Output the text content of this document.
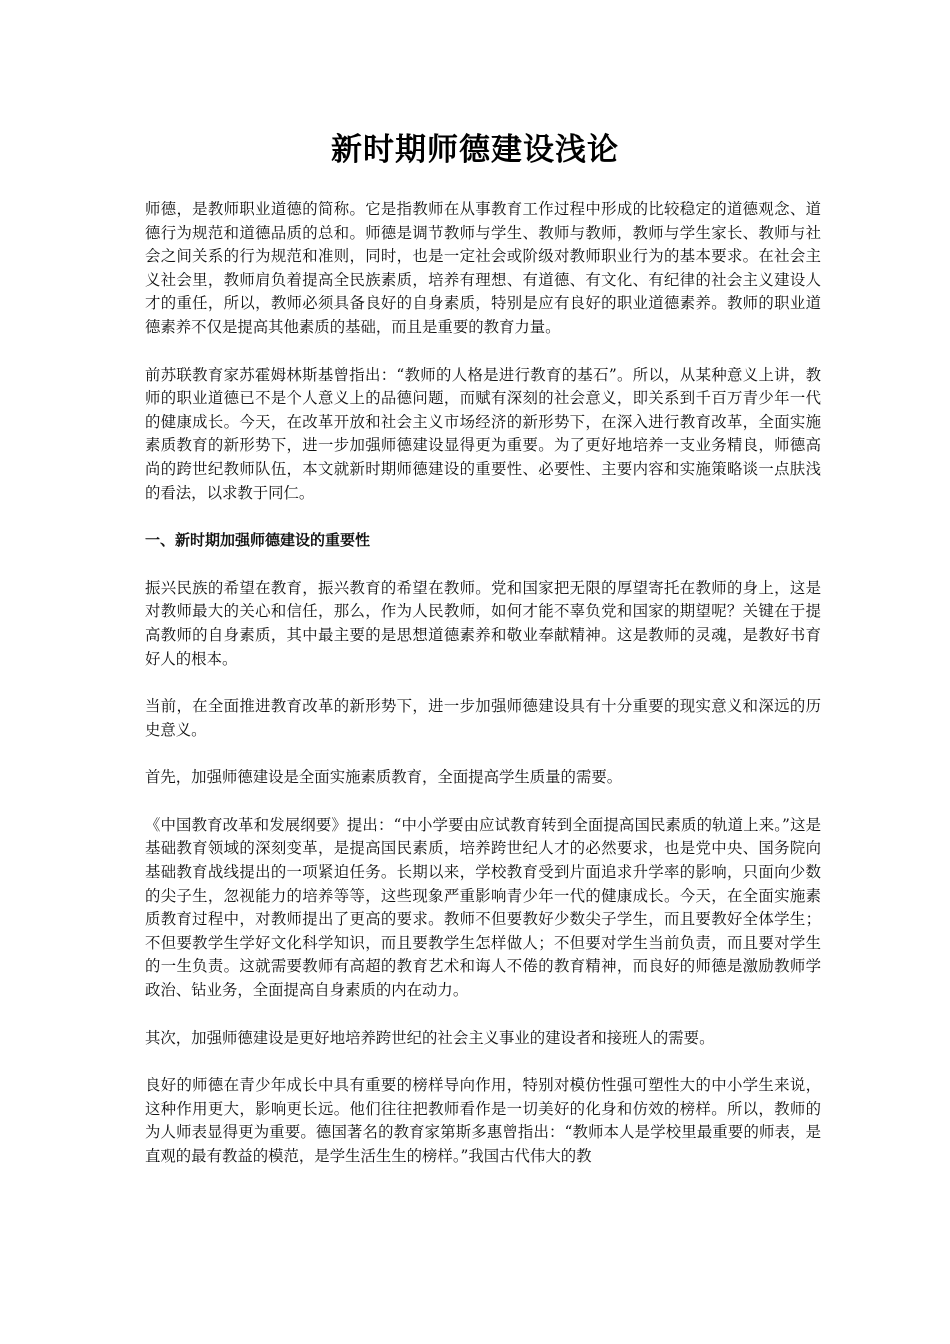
新时期师德建设浅论

师德，是教师职业道德的简称。它是指教师在从事教育工作过程中形成的比较稳定的道德观念、道德行为规范和道德品质的总和。师德是调节教师与学生、教师与教师，教师与学生家长、教师与社会之间关系的行为规范和准则，同时，也是一定社会或阶级对教师职业行为的基本要求。在社会主义社会里，教师肩负着提高全民族素质，培养有理想、有道德、有文化、有纪律的社会主义建设人才的重任，所以，教师必须具备良好的自身素质，特别是应有良好的职业道德素养。教师的职业道德素养不仅是提高其他素质的基础，而且是重要的教育力量。

前苏联教育家苏霍姆林斯基曾指出：“教师的人格是进行教育的基石”。所以，从某种意义上讲，教师的职业道德已不是个人意义上的品德问题，而赋有深刻的社会意义，即关系到千百万青少年一代的健康成长。今天，在改革开放和社会主义市场经济的新形势下，在深入进行教育改革，全面实施素质教育的新形势下，进一步加强师德建设显得更为重要。为了更好地培养一支业务精良，师德高尚的跨世纪教师队伍，本文就新时期师德建设的重要性、必要性、主要内容和实施策略谈一点肤浅的看法，以求教于同仁。

一、新时期加强师德建设的重要性

振兴民族的希望在教育，振兴教育的希望在教师。党和国家把无限的厚望寄托在教师的身上，这是对教师最大的关心和信任，那么，作为人民教师，如何才能不辜负党和国家的期望呢？关键在于提高教师的自身素质，其中最主要的是思想道德素养和敬业奉献精神。这是教师的灵魂，是教好书育好人的根本。

当前，在全面推进教育改革的新形势下，进一步加强师德建设具有十分重要的现实意义和深远的历史意义。

首先，加强师德建设是全面实施素质教育，全面提高学生质量的需要。

《中国教育改革和发展纲要》提出：“中小学要由应试教育转到全面提高国民素质的轨道上来。”这是基础教育领域的深刻变革，是提高国民素质，培养跨世纪人才的必然要求，也是党中央、国务院向基础教育战线提出的一项紧迫任务。长期以来，学校教育受到片面追求升学率的影响，只面向少数的尖子生，忽视能力的培养等等，这些现象严重影响青少年一代的健康成长。今天，在全面实施素质教育过程中，对教师提出了更高的要求。教师不但要教好少数尖子学生，而且要教好全体学生；不但要教学生学好文化科学知识，而且要教学生怎样做人；不但要对学生当前负责，而且要对学生的一生负责。这就需要教师有高超的教育艺术和诲人不倦的教育精神，而良好的师德是激励教师学政治、钻业务，全面提高自身素质的内在动力。

其次，加强师德建设是更好地培养跨世纪的社会主义事业的建设者和接班人的需要。

良好的师德在青少年成长中具有重要的榜样导向作用，特别对模仿性强可塑性大的中小学生来说，这种作用更大，影响更长远。他们往往把教师看作是一切美好的化身和仿效的榜样。所以，教师的为人师表显得更为重要。德国著名的教育家第斯多惠曾指出：“教师本人是学校里最重要的师表，是直观的最有教益的模范，是学生活生生的榜样。”我国古代伟大的教
